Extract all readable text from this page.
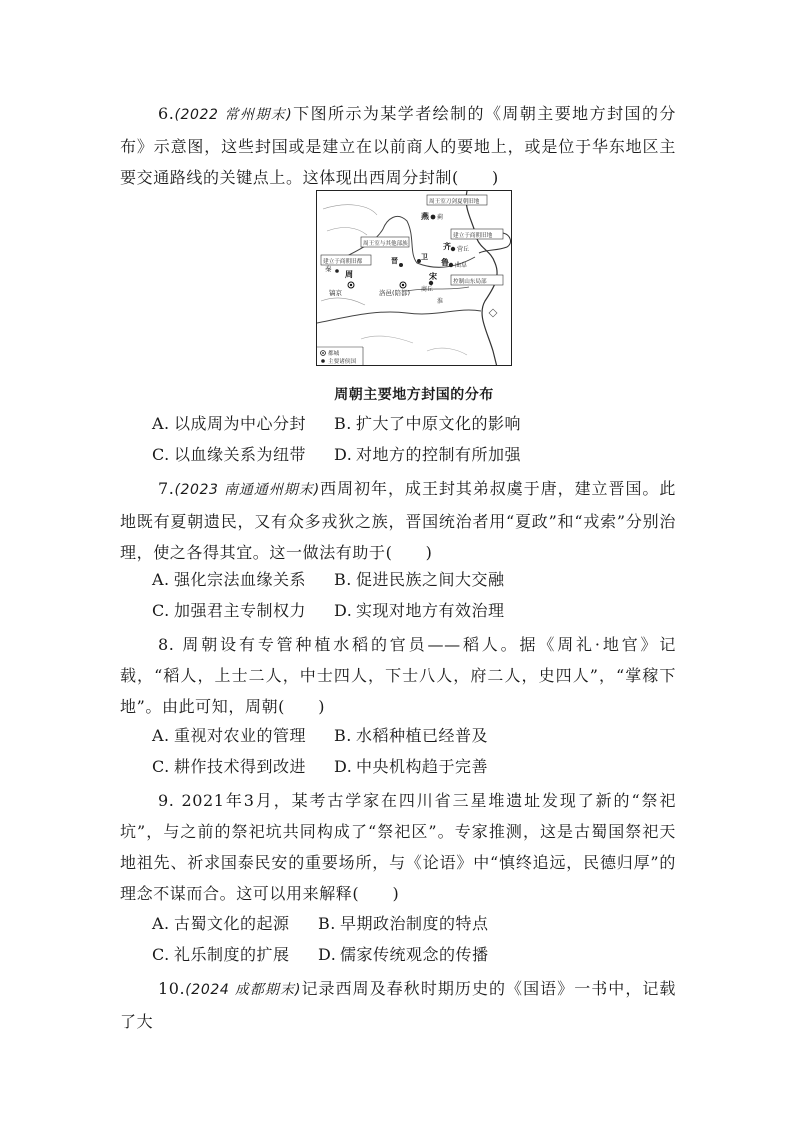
6.(2022 常州期末)下图所示为某学者绘制的《周朝主要地方封国的分布》示意图，这些封国或是建立在以前商人的要地上，或是位于华东地区主要交通路线的关键点上。这体现出西周分封制(　　)

周王室刀剑夏朝旧地
周王室与其他部族
建立于商朝旧地
建立于商朝旧都
控制山东局部
燕 蓟
齐 营丘
鲁 曲阜
宋
商丘
卫
晋
周
镐京	洛邑(陪都)
秦
淮
都城
主要诸侯国
周朝主要地方封国的分布
A. 以成周为中心分封 B. 扩大了中原文化的影响
C. 以血缘关系为纽带 D. 对地方的控制有所加强

7.(2023 南通通州期末)西周初年，成王封其弟叔虞于唐，建立晋国。此地既有夏朝遗民，又有众多戎狄之族，晋国统治者用“夏政”和“戎索”分别治理，使之各得其宜。这一做法有助于(　　)

A. 强化宗法血缘关系 B. 促进民族之间大交融
C. 加强君主专制权力 D. 实现对地方有效治理

8. 周朝设有专管种植水稻的官员——稻人。据《周礼·地官》记载，“稻人，上士二人，中士四人，下士八人，府二人，史四人”，“掌稼下地”。由此可知，周朝(　　)

A. 重视对农业的管理 B. 水稻种植已经普及
C. 耕作技术得到改进 D. 中央机构趋于完善

9. 2021年3月，某考古学家在四川省三星堆遗址发现了新的“祭祀坑”，与之前的祭祀坑共同构成了“祭祀区”。专家推测，这是古蜀国祭祀天地祖先、祈求国泰民安的重要场所，与《论语》中“慎终追远，民德归厚”的理念不谋而合。这可以用来解释(　　)

A. 古蜀文化的起源 B. 早期政治制度的特点
C. 礼乐制度的扩展 D. 儒家传统观念的传播

10.(2024 成都期末)记录西周及春秋时期历史的《国语》一书中，记载了大
